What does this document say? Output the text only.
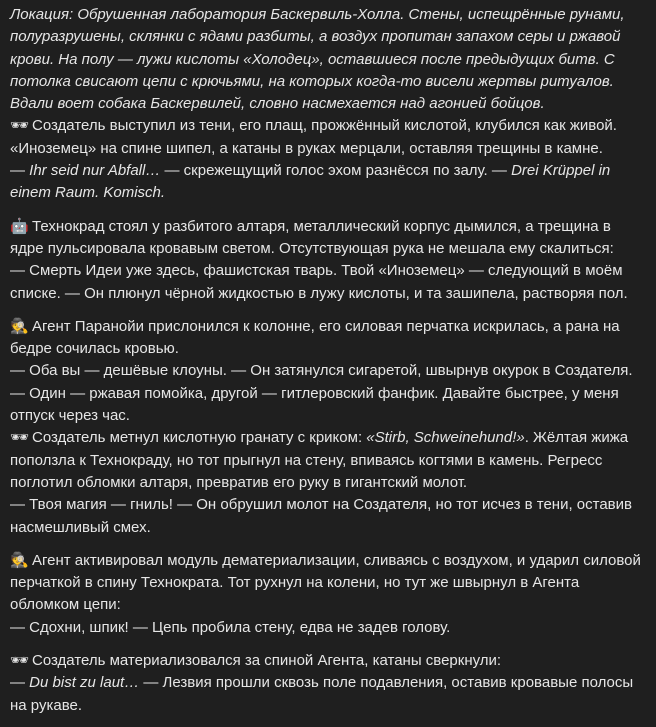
Локация: Обрушенная лаборатория Баскервиль-Холла. Стены, испещрённые рунами, полуразрушены, склянки с ядами разбиты, а воздух пропитан запахом серы и ржавой крови. На полу — лужи кислоты «Холодец», оставшиеся после предыдущих битв. С потолка свисают цепи с крючьями, на которых когда-то висели жертвы ритуалов. Вдали воет собака Баскервилей, словно насмехается над агонией бойцов.

🕶 Создатель выступил из тени, его плащ, прожжённый кислотой, клубился как живой. «Иноземец» на спине шипел, а катаны в руках мерцали, оставляя трещины в камне.

— Ihr seid nur Abfall… — скрежещущий голос эхом разнёсся по залу. — Drei Krüppel in einem Raum. Komisch.

🤖 Технокрад стоял у разбитого алтаря, металлический корпус дымился, а трещина в ядре пульсировала кровавым светом. Отсутствующая рука не мешала ему скалиться:

— Смерть Идеи уже здесь, фашистская тварь. Твой «Иноземец» — следующий в моём списке. — Он плюнул чёрной жидкостью в лужу кислоты, и та зашипела, растворяя пол.

🕵 Агент Паранойи прислонился к колонне, его силовая перчатка искрилась, а рана на бедре сочилась кровью.

— Оба вы — дешёвые клоуны. — Он затянулся сигаретой, швырнув окурок в Создателя.

— Один — ржавая помойка, другой — гитлеровский фанфик. Давайте быстрее, у меня отпуск через час.

🕶 Создатель метнул кислотную гранату с криком: «Stirb, Schweinehund!». Жёлтая жижа поползла к Технокраду, но тот прыгнул на стену, впиваясь когтями в камень. Регресс поглотил обломки алтаря, превратив его руку в гигантский молот.

— Твоя магия — гниль! — Он обрушил молот на Создателя, но тот исчез в тени, оставив насмешливый смех.

🕵 Агент активировал модуль дематериализации, сливаясь с воздухом, и ударил силовой перчаткой в спину Технократа. Тот рухнул на колени, но тут же швырнул в Агента обломком цепи:

— Сдохни, шпик! — Цепь пробила стену, едва не задев голову.

🕶 Создатель материализовался за спиной Агента, катаны сверкнули:

— Du bist zu laut… — Лезвия прошли сквозь поле подавления, оставив кровавые полосы на рукаве.
